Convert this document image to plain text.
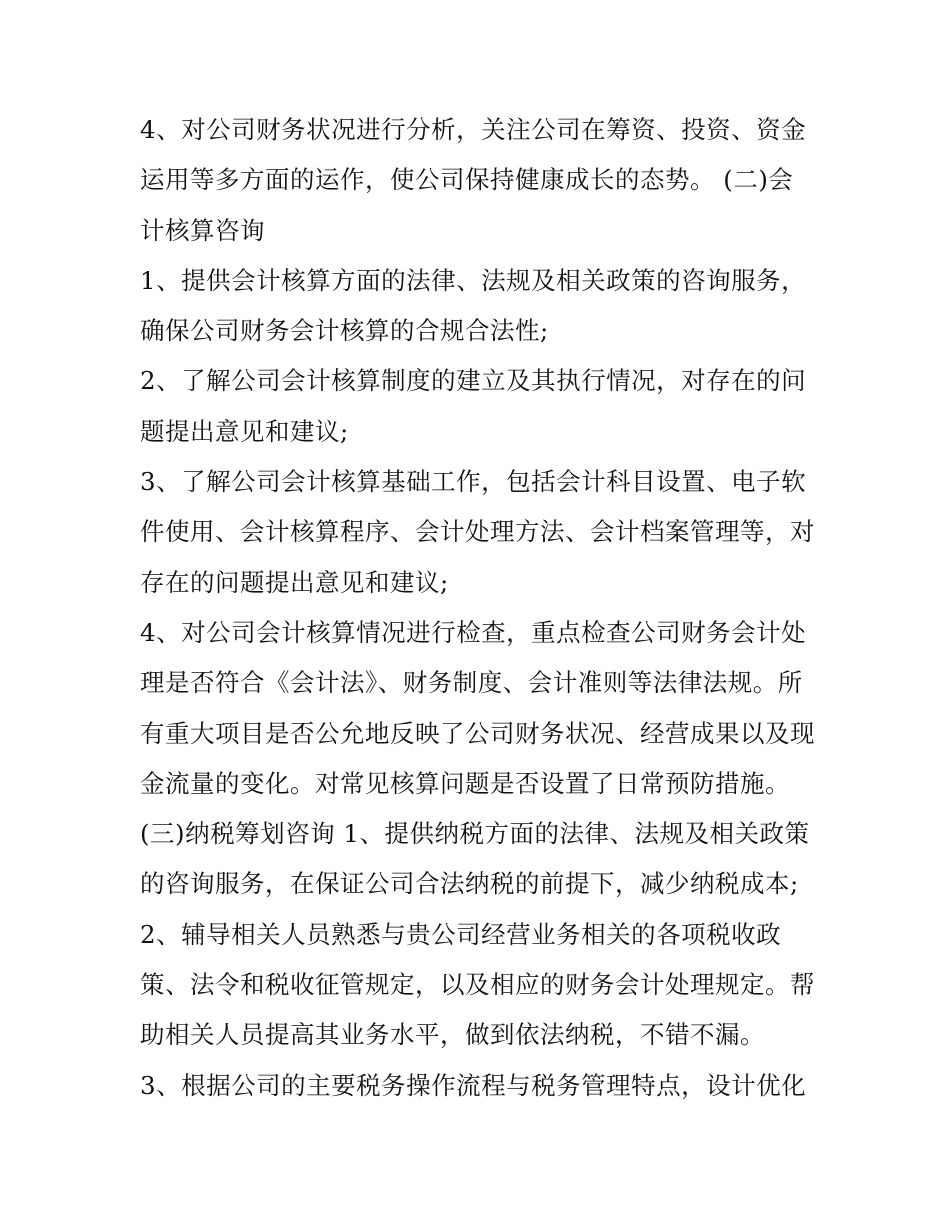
4、对公司财务状况进行分析，关注公司在筹资、投资、资金
运用等多方面的运作，使公司保持健康成长的态势。 (二)会
计核算咨询
1、提供会计核算方面的法律、法规及相关政策的咨询服务，
确保公司财务会计核算的合规合法性;
2、了解公司会计核算制度的建立及其执行情况，对存在的问
题提出意见和建议;
3、了解公司会计核算基础工作，包括会计科目设置、电子软
件使用、会计核算程序、会计处理方法、会计档案管理等，对
存在的问题提出意见和建议;
4、对公司会计核算情况进行检查，重点检查公司财务会计处
理是否符合《会计法》、财务制度、会计准则等法律法规。所
有重大项目是否公允地反映了公司财务状况、经营成果以及现
金流量的变化。对常见核算问题是否设置了日常预防措施。
(三)纳税筹划咨询 1、提供纳税方面的法律、法规及相关政策
的咨询服务，在保证公司合法纳税的前提下，减少纳税成本;
2、辅导相关人员熟悉与贵公司经营业务相关的各项税收政
策、法令和税收征管规定，以及相应的财务会计处理规定。帮
助相关人员提高其业务水平，做到依法纳税，不错不漏。
3、根据公司的主要税务操作流程与税务管理特点，设计优化
